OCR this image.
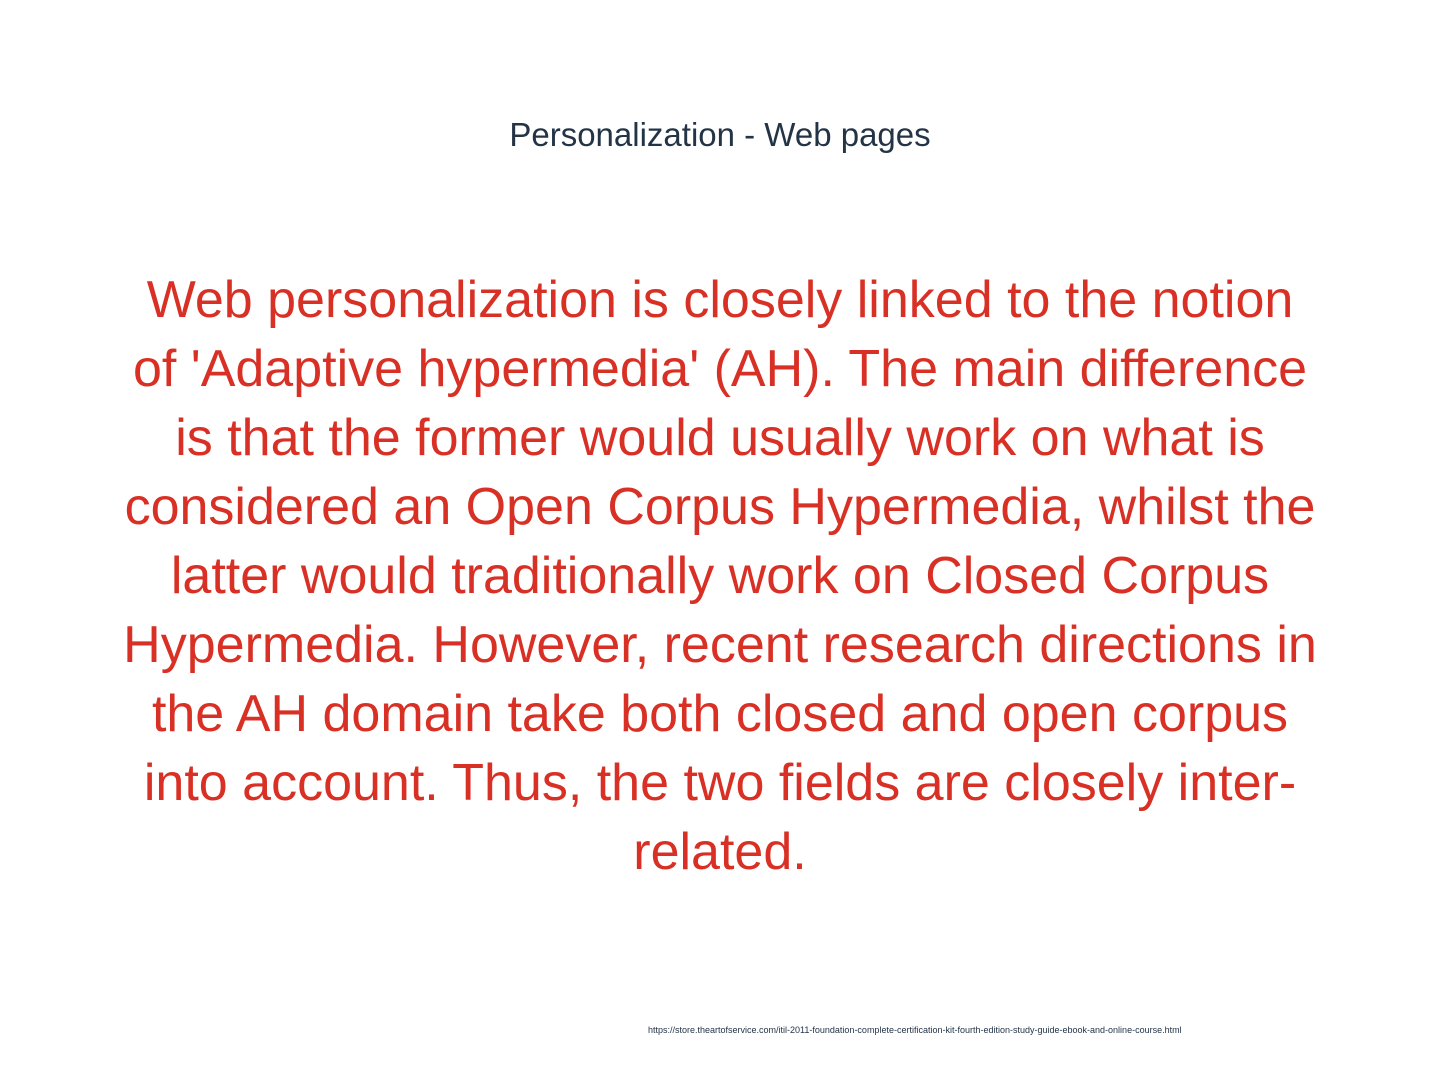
Personalization - Web pages

Web personalization is closely linked to the notion of 'Adaptive hypermedia' (AH). The main difference is that the former would usually work on what is considered an Open Corpus Hypermedia, whilst the latter would traditionally work on Closed Corpus Hypermedia. However, recent research directions in the AH domain take both closed and open corpus into account. Thus, the two fields are closely inter-related.

https://store.theartofservice.com/itil-2011-foundation-complete-certification-kit-fourth-edition-study-guide-ebook-and-online-course.html
